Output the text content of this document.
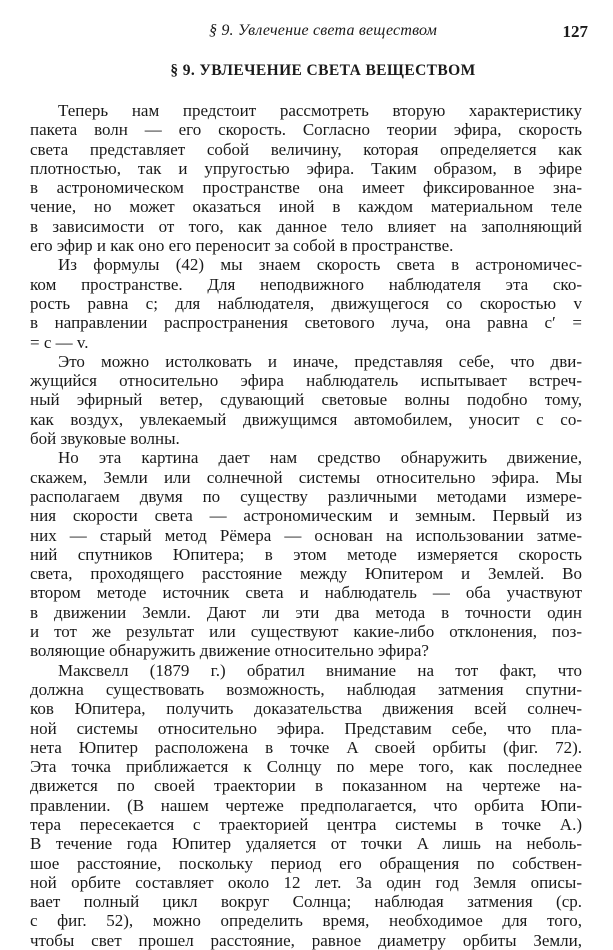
§ 9. Увлечение света веществом	127
§ 9. УВЛЕЧЕНИЕ СВЕТА ВЕЩЕСТВОМ
Теперь нам предстоит рассмотреть вторую характеристику
пакета волн — его скорость. Согласно теории эфира, скорость
света представляет собой величину, которая определяется как
плотностью, так и упругостью эфира. Таким образом, в эфире
в астрономическом пространстве она имеет фиксированное зна-
чение, но может оказаться иной в каждом материальном теле
в зависимости от того, как данное тело влияет на заполняющий
его эфир и как оно его переносит за собой в пространстве.
Из формулы (42) мы знаем скорость света в астрономичес-
ком пространстве. Для неподвижного наблюдателя эта ско-
рость равна c; для наблюдателя, движущегося со скоростью v
в направлении распространения светового луча, она равна c′ =
= c — v.
Это можно истолковать и иначе, представляя себе, что дви-
жущийся относительно эфира наблюдатель испытывает встреч-
ный эфирный ветер, сдувающий световые волны подобно тому,
как воздух, увлекаемый движущимся автомобилем, уносит с со-
бой звуковые волны.
Но эта картина дает нам средство обнаружить движение,
скажем, Земли или солнечной системы относительно эфира. Мы
располагаем двумя по существу различными методами измере-
ния скорости света — астрономическим и земным. Первый из
них — старый метод Рёмера — основан на использовании затме-
ний спутников Юпитера; в этом методе измеряется скорость
света, проходящего расстояние между Юпитером и Землей. Во
втором методе источник света и наблюдатель — оба участвуют
в движении Земли. Дают ли эти два метода в точности один
и тот же результат или существуют какие-либо отклонения, поз-
воляющие обнаружить движение относительно эфира?
Максвелл (1879 г.) обратил внимание на тот факт, что
должна существовать возможность, наблюдая затмения спутни-
ков Юпитера, получить доказательства движения всей солнеч-
ной системы относительно эфира. Представим себе, что пла-
нета Юпитер расположена в точке A своей орбиты (фиг. 72).
Эта точка приближается к Солнцу по мере того, как последнее
движется по своей траектории в показанном на чертеже на-
правлении. (В нашем чертеже предполагается, что орбита Юпи-
тера пересекается с траекторией центра системы в точке A.)
В течение года Юпитер удаляется от точки A лишь на неболь-
шое расстояние, поскольку период его обращения по собствен-
ной орбите составляет около 12 лет. За один год Земля описы-
вает полный цикл вокруг Солнца; наблюдая затмения (ср.
с фиг. 52), можно определить время, необходимое для того,
чтобы свет прошел расстояние, равное диаметру орбиты Земли,
